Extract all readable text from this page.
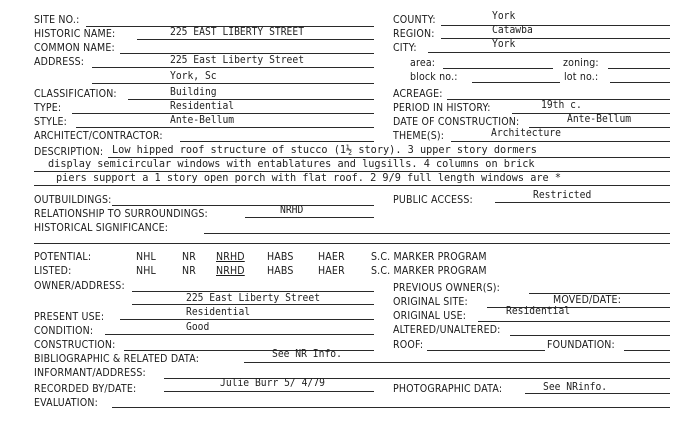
SITE NO.:
HISTORIC NAME:	225 EAST LIBERTY STREET
COMMON NAME:
ADDRESS:	225 East Liberty Street
York, Sc
CLASSIFICATION:	Building
TYPE:	Residential
STYLE:	Ante-Bellum
ARCHITECT/CONTRACTOR:
COUNTY:	York
REGION:	Catawba
CITY:	York
area:	zoning:
block no.:	lot no.:
ACREAGE:
PERIOD IN HISTORY:	19th c.
DATE OF CONSTRUCTION:	Ante-Bellum
THEME(S):	Architecture
DESCRIPTION: Low hipped roof structure of stucco (1½ story). 3 upper story dormers
display semicircular windows with entablatures and lugsills. 4 columns on brick
piers support a 1 story open porch with flat roof. 2 9/9 full length windows are *
OUTBUILDINGS:	PUBLIC ACCESS:	Restricted
RELATIONSHIP TO SURROUNDINGS:	NRHD
HISTORICAL SIGNIFICANCE:
POTENTIAL:	NHL NR NRHD HABS HAER S.C. MARKER PROGRAM
LISTED:	NHL NR NRHD HABS HAER S.C. MARKER PROGRAM
OWNER/ADDRESS:
225 East Liberty Street
PREVIOUS OWNER(S):
ORIGINAL SITE:	MOVED/DATE:
PRESENT USE:	Residential	ORIGINAL USE:	Residential
CONDITION:	Good	ALTERED/UNALTERED:
CONSTRUCTION:	ROOF:	FOUNDATION:
BIBLIOGRAPHIC & RELATED DATA:	See NR Info.
INFORMANT/ADDRESS:
RECORDED BY/DATE:	Julie Burr 5/ 4/79	PHOTOGRAPHIC DATA:	See NRinfo.
EVALUATION:
